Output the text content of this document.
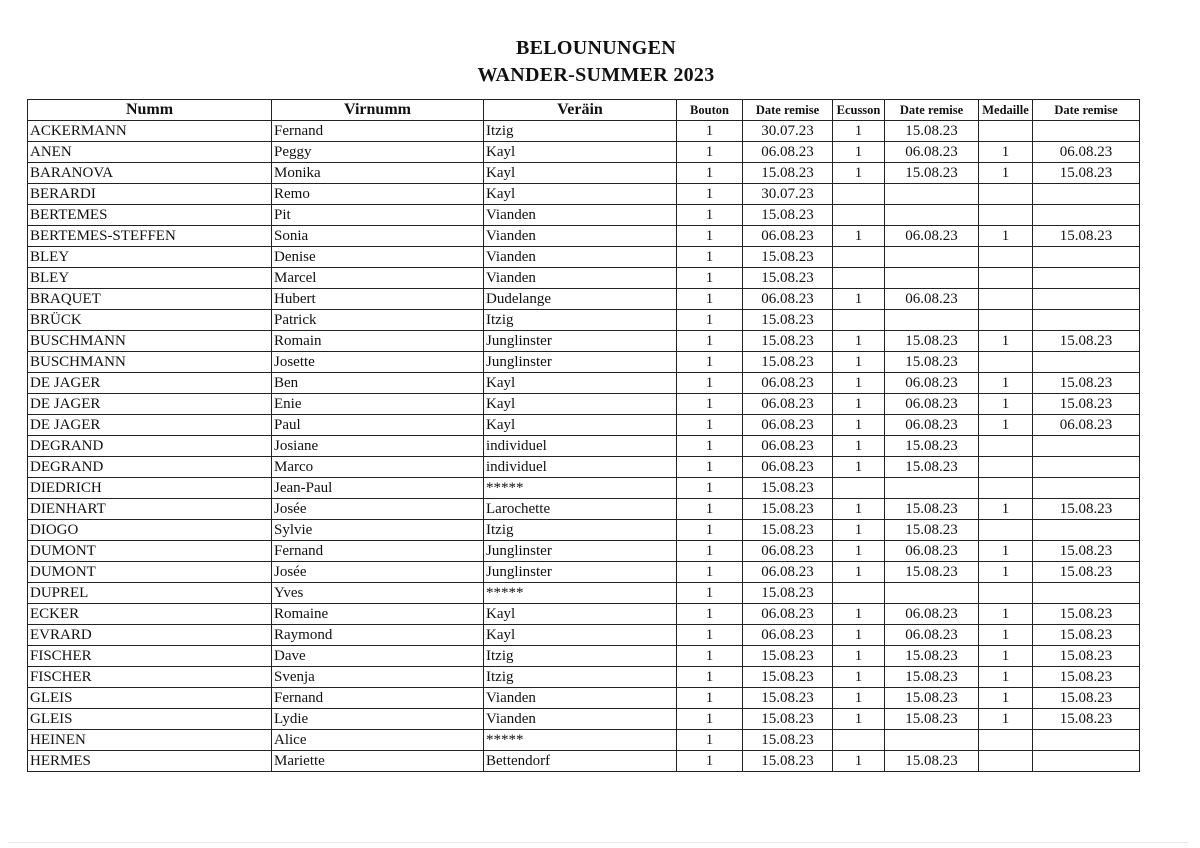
BELOUNUNGEN
WANDER-SUMMER 2023
Numm	Virnumm	Veräin	Bouton	Date remise	Ecusson	Date remise	Medaille	Date remise
ACKERMANN	Fernand	Itzig	1	30.07.23	1	15.08.23		
ANEN	Peggy	Kayl	1	06.08.23	1	06.08.23	1	06.08.23
BARANOVA	Monika	Kayl	1	15.08.23	1	15.08.23	1	15.08.23
BERARDI	Remo	Kayl	1	30.07.23				
BERTEMES	Pit	Vianden	1	15.08.23				
BERTEMES-STEFFEN	Sonia	Vianden	1	06.08.23	1	06.08.23	1	15.08.23
BLEY	Denise	Vianden	1	15.08.23				
BLEY	Marcel	Vianden	1	15.08.23				
BRAQUET	Hubert	Dudelange	1	06.08.23	1	06.08.23		
BRÜCK	Patrick	Itzig	1	15.08.23				
BUSCHMANN	Romain	Junglinster	1	15.08.23	1	15.08.23	1	15.08.23
BUSCHMANN	Josette	Junglinster	1	15.08.23	1	15.08.23		
DE JAGER	Ben	Kayl	1	06.08.23	1	06.08.23	1	15.08.23
DE JAGER	Enie	Kayl	1	06.08.23	1	06.08.23	1	15.08.23
DE JAGER	Paul	Kayl	1	06.08.23	1	06.08.23	1	06.08.23
DEGRAND	Josiane	individuel	1	06.08.23	1	15.08.23		
DEGRAND	Marco	individuel	1	06.08.23	1	15.08.23		
DIEDRICH	Jean-Paul	*****	1	15.08.23				
DIENHART	Josée	Larochette	1	15.08.23	1	15.08.23	1	15.08.23
DIOGO	Sylvie	Itzig	1	15.08.23	1	15.08.23		
DUMONT	Fernand	Junglinster	1	06.08.23	1	06.08.23	1	15.08.23
DUMONT	Josée	Junglinster	1	06.08.23	1	15.08.23	1	15.08.23
DUPREL	Yves	*****	1	15.08.23				
ECKER	Romaine	Kayl	1	06.08.23	1	06.08.23	1	15.08.23
EVRARD	Raymond	Kayl	1	06.08.23	1	06.08.23	1	15.08.23
FISCHER	Dave	Itzig	1	15.08.23	1	15.08.23	1	15.08.23
FISCHER	Svenja	Itzig	1	15.08.23	1	15.08.23	1	15.08.23
GLEIS	Fernand	Vianden	1	15.08.23	1	15.08.23	1	15.08.23
GLEIS	Lydie	Vianden	1	15.08.23	1	15.08.23	1	15.08.23
HEINEN	Alice	*****	1	15.08.23				
HERMES	Mariette	Bettendorf	1	15.08.23	1	15.08.23		
